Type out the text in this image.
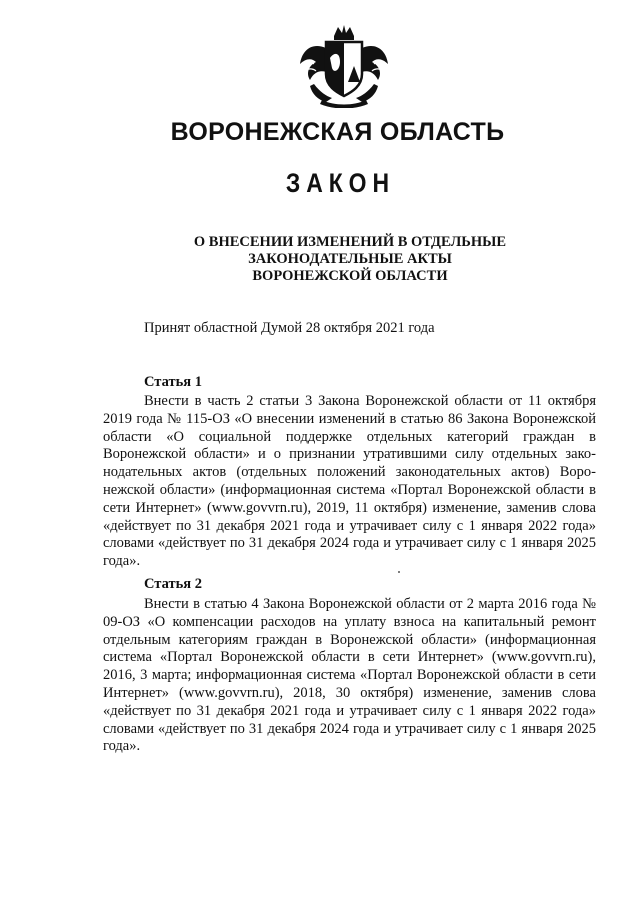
ВОРОНЕЖСКАЯ ОБЛАСТЬ
ЗАКОН
О ВНЕСЕНИИ ИЗМЕНЕНИЙ В ОТДЕЛЬНЫЕ
ЗАКОНОДАТЕЛЬНЫЕ АКТЫ
ВОРОНЕЖСКОЙ ОБЛАСТИ

Принят областной Думой 28 октября 2021 года

Статья 1

Внести в часть 2 статьи 3 Закона Воронежской области от 11 октября 2019 года № 115-ОЗ «О внесении изменений в статью 86 Закона Воронежской области «О социальной поддержке отдельных категорий граждан в Воронежской области» и о признании утратившими силу отдельных законодательных актов (отдельных положений законодательных актов) Воронежской области» (информационная система «Портал Воронежской области в сети Интернет» (www.govvrn.ru), 2019, 11 октября) изменение, заменив слова «действует по 31 декабря 2021 года и утрачивает силу с 1 января 2022 года» словами «действует по 31 декабря 2024 года и утрачивает силу с 1 января 2025 года».

Статья 2

Внести в статью 4 Закона Воронежской области от 2 марта 2016 года № 09-ОЗ «О компенсации расходов на уплату взноса на капитальный ремонт отдельным категориям граждан в Воронежской области» (информационная система «Портал Воронежской области в сети Интернет» (www.govvrn.ru), 2016, 3 марта; информационная система «Портал Воронежской области в сети Интернет» (www.govvrn.ru), 2018, 30 октября) изменение, заменив слова «действует по 31 декабря 2021 года и утрачивает силу с 1 января 2022 года» словами «действует по 31 декабря 2024 года и утрачивает силу с 1 января 2025 года».
